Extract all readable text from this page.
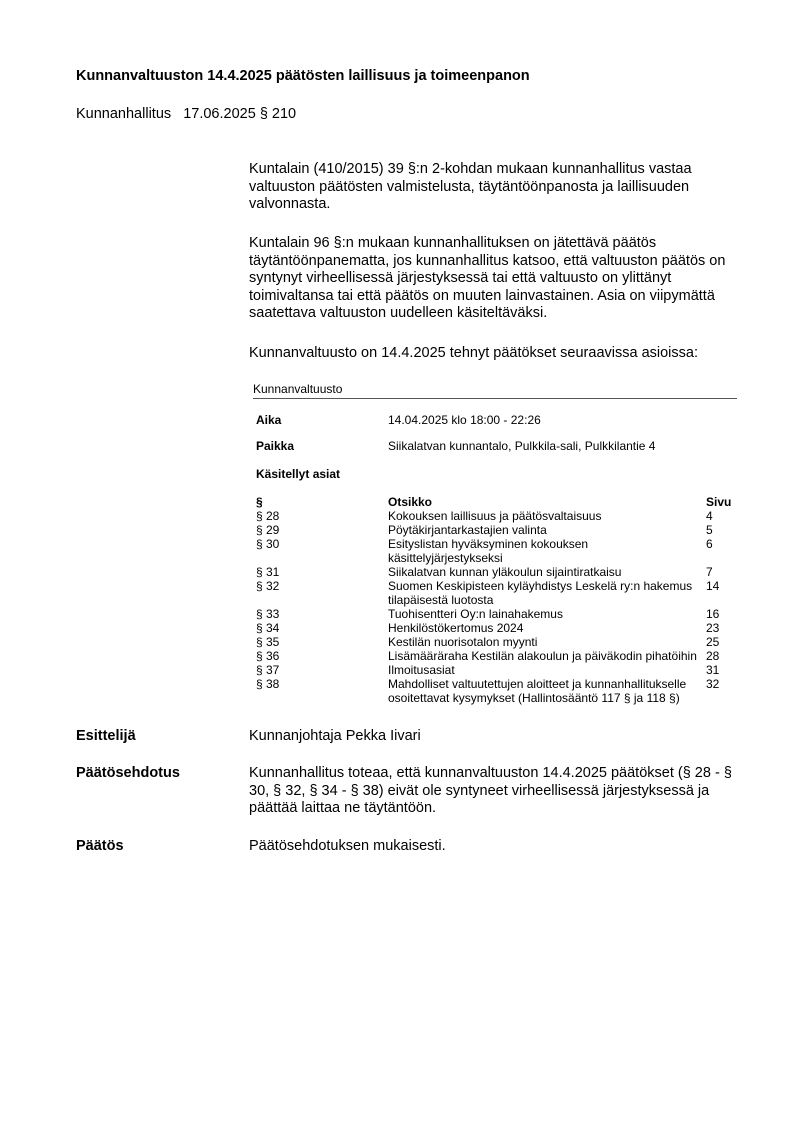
Kunnanvaltuuston 14.4.2025 päätösten laillisuus ja toimeenpanon
Kunnanhallitus   17.06.2025 § 210

Kuntalain (410/2015) 39 §:n 2-kohdan mukaan kunnanhallitus vastaa valtuuston päätösten valmistelusta, täytäntöönpanosta ja laillisuuden valvonnasta.

Kuntalain 96 §:n mukaan kunnanhallituksen on jätettävä päätös täytäntöönpanematta, jos kunnanhallitus katsoo, että valtuuston päätös on syntynyt virheellisessä järjestyksessä tai että valtuusto on ylittänyt toimivaltansa tai että päätös on muuten lainvastainen. Asia on viipymättä saatettava valtuuston uudelleen käsiteltäväksi.

Kunnanvaltuusto on 14.4.2025 tehnyt päätökset seuraavissa asioissa:

Kunnanvaltuusto
Aika	14.04.2025 klo 18:00 - 22:26
Paikka	Siikalatvan kunnantalo, Pulkkila-sali, Pulkkilantie 4
Käsitellyt asiat
§	Otsikko	Sivu
§ 28	Kokouksen laillisuus ja päätösvaltaisuus	4
§ 29	Pöytäkirjantarkastajien valinta	5
§ 30	Esityslistan hyväksyminen kokouksen käsittelyjärjestykseksi	6
§ 31	Siikalatvan kunnan yläkoulun sijaintiratkaisu	7
§ 32	Suomen Keskipisteen kyläyhdistys Leskelä ry:n hakemus tilapäisestä luotosta	14
§ 33	Tuohisentteri Oy:n lainahakemus	16
§ 34	Henkilöstökertomus 2024	23
§ 35	Kestilän nuorisotalon myynti	25
§ 36	Lisämääräraha Kestilän alakoulun ja päiväkodin pihatöihin	28
§ 37	Ilmoitusasiat	31
§ 38	Mahdolliset valtuutettujen aloitteet ja kunnanhallitukselle osoitettavat kysymykset (Hallintosääntö 117 § ja 118 §)	32
Esittelijä	Kunnanjohtaja Pekka Iivari
Päätösehdotus	Kunnanhallitus toteaa, että kunnanvaltuuston 14.4.2025 päätökset (§ 28 - § 30, § 32, § 34 - § 38) eivät ole syntyneet virheellisessä järjestyksessä ja päättää laittaa ne täytäntöön.
Päätös	Päätösehdotuksen mukaisesti.
